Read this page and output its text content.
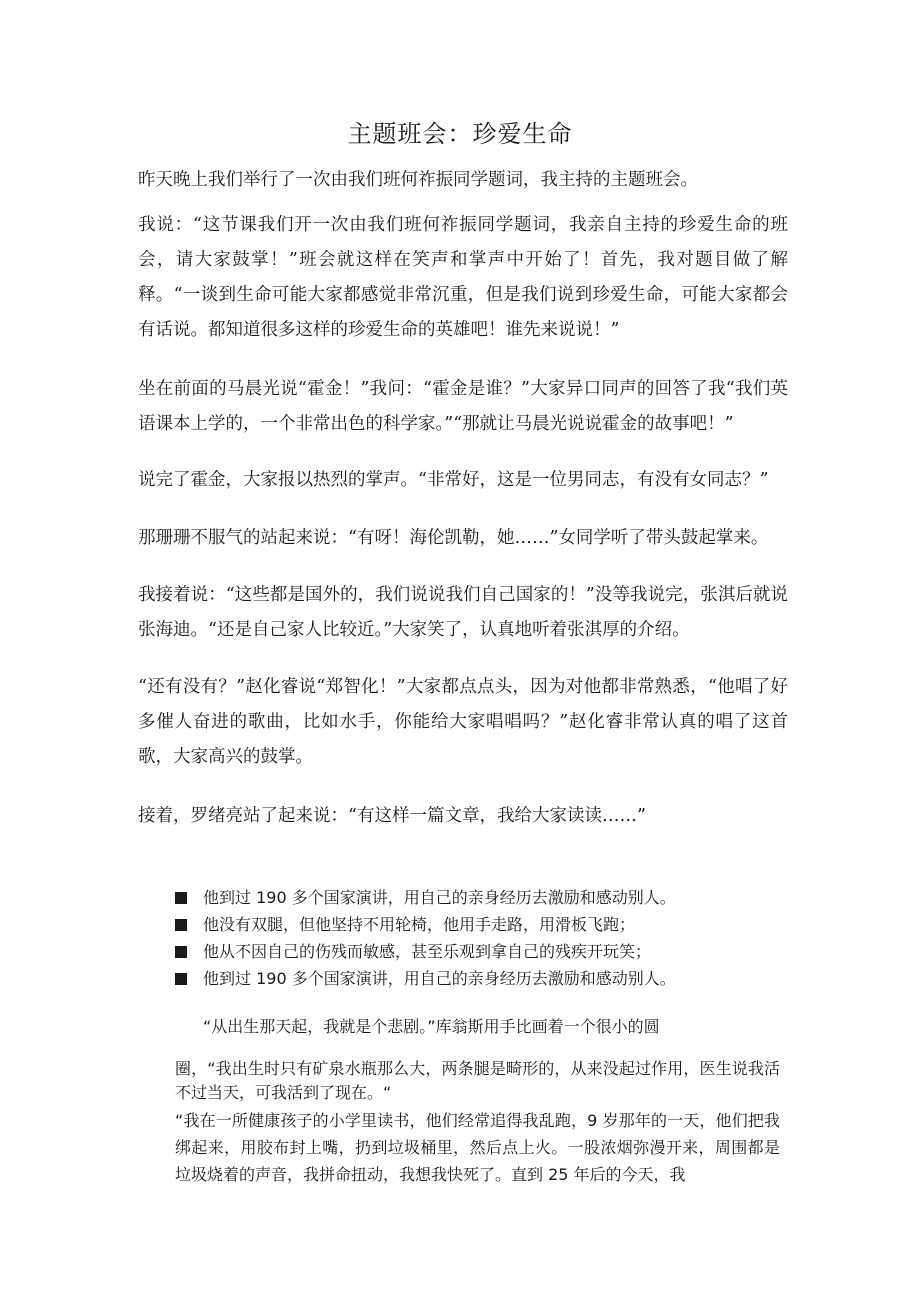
主题班会：珍爱生命

昨天晚上我们举行了一次由我们班何祚振同学题词，我主持的主题班会。

我说：“这节课我们开一次由我们班何祚振同学题词，我亲自主持的珍爱生命的班会，请大家鼓掌！”班会就这样在笑声和掌声中开始了！首先，我对题目做了解释。“一谈到生命可能大家都感觉非常沉重，但是我们说到珍爱生命，可能大家都会有话说。都知道很多这样的珍爱生命的英雄吧！谁先来说说！”

坐在前面的马晨光说“霍金！”我问：“霍金是谁？”大家异口同声的回答了我“我们英语课本上学的，一个非常出色的科学家。”“那就让马晨光说说霍金的故事吧！”

说完了霍金，大家报以热烈的掌声。“非常好，这是一位男同志，有没有女同志？”

那珊珊不服气的站起来说：“有呀！海伦凯勒，她……”女同学听了带头鼓起掌来。

我接着说：“这些都是国外的，我们说说我们自己国家的！”没等我说完，张淇后就说张海迪。“还是自己家人比较近。”大家笑了，认真地听着张淇厚的介绍。

“还有没有？”赵化睿说“郑智化！”大家都点点头，因为对他都非常熟悉，“他唱了好多催人奋进的歌曲，比如水手，你能给大家唱唱吗？”赵化睿非常认真的唱了这首歌，大家高兴的鼓掌。

接着，罗绪亮站了起来说：“有这样一篇文章，我给大家读读……”

他到过 190 多个国家演讲，用自己的亲身经历去激励和感动别人。
他没有双腿，但他坚持不用轮椅，他用手走路，用滑板飞跑；
他从不因自己的伤残而敏感，甚至乐观到拿自己的残疾开玩笑；
他到过 190 多个国家演讲，用自己的亲身经历去激励和感动别人。

“从出生那天起，我就是个悲剧。”库翁斯用手比画着一个很小的圆

圈，“我出生时只有矿泉水瓶那么大，两条腿是畸形的，从来没起过作用，医生说我活不过当天，可我活到了现在。“

“我在一所健康孩子的小学里读书，他们经常追得我乱跑，9 岁那年的一天，他们把我绑起来，用胶布封上嘴，扔到垃圾桶里，然后点上火。一股浓烟弥漫开来，周围都是垃圾烧着的声音，我拼命扭动，我想我快死了。直到 25 年后的今天，我
